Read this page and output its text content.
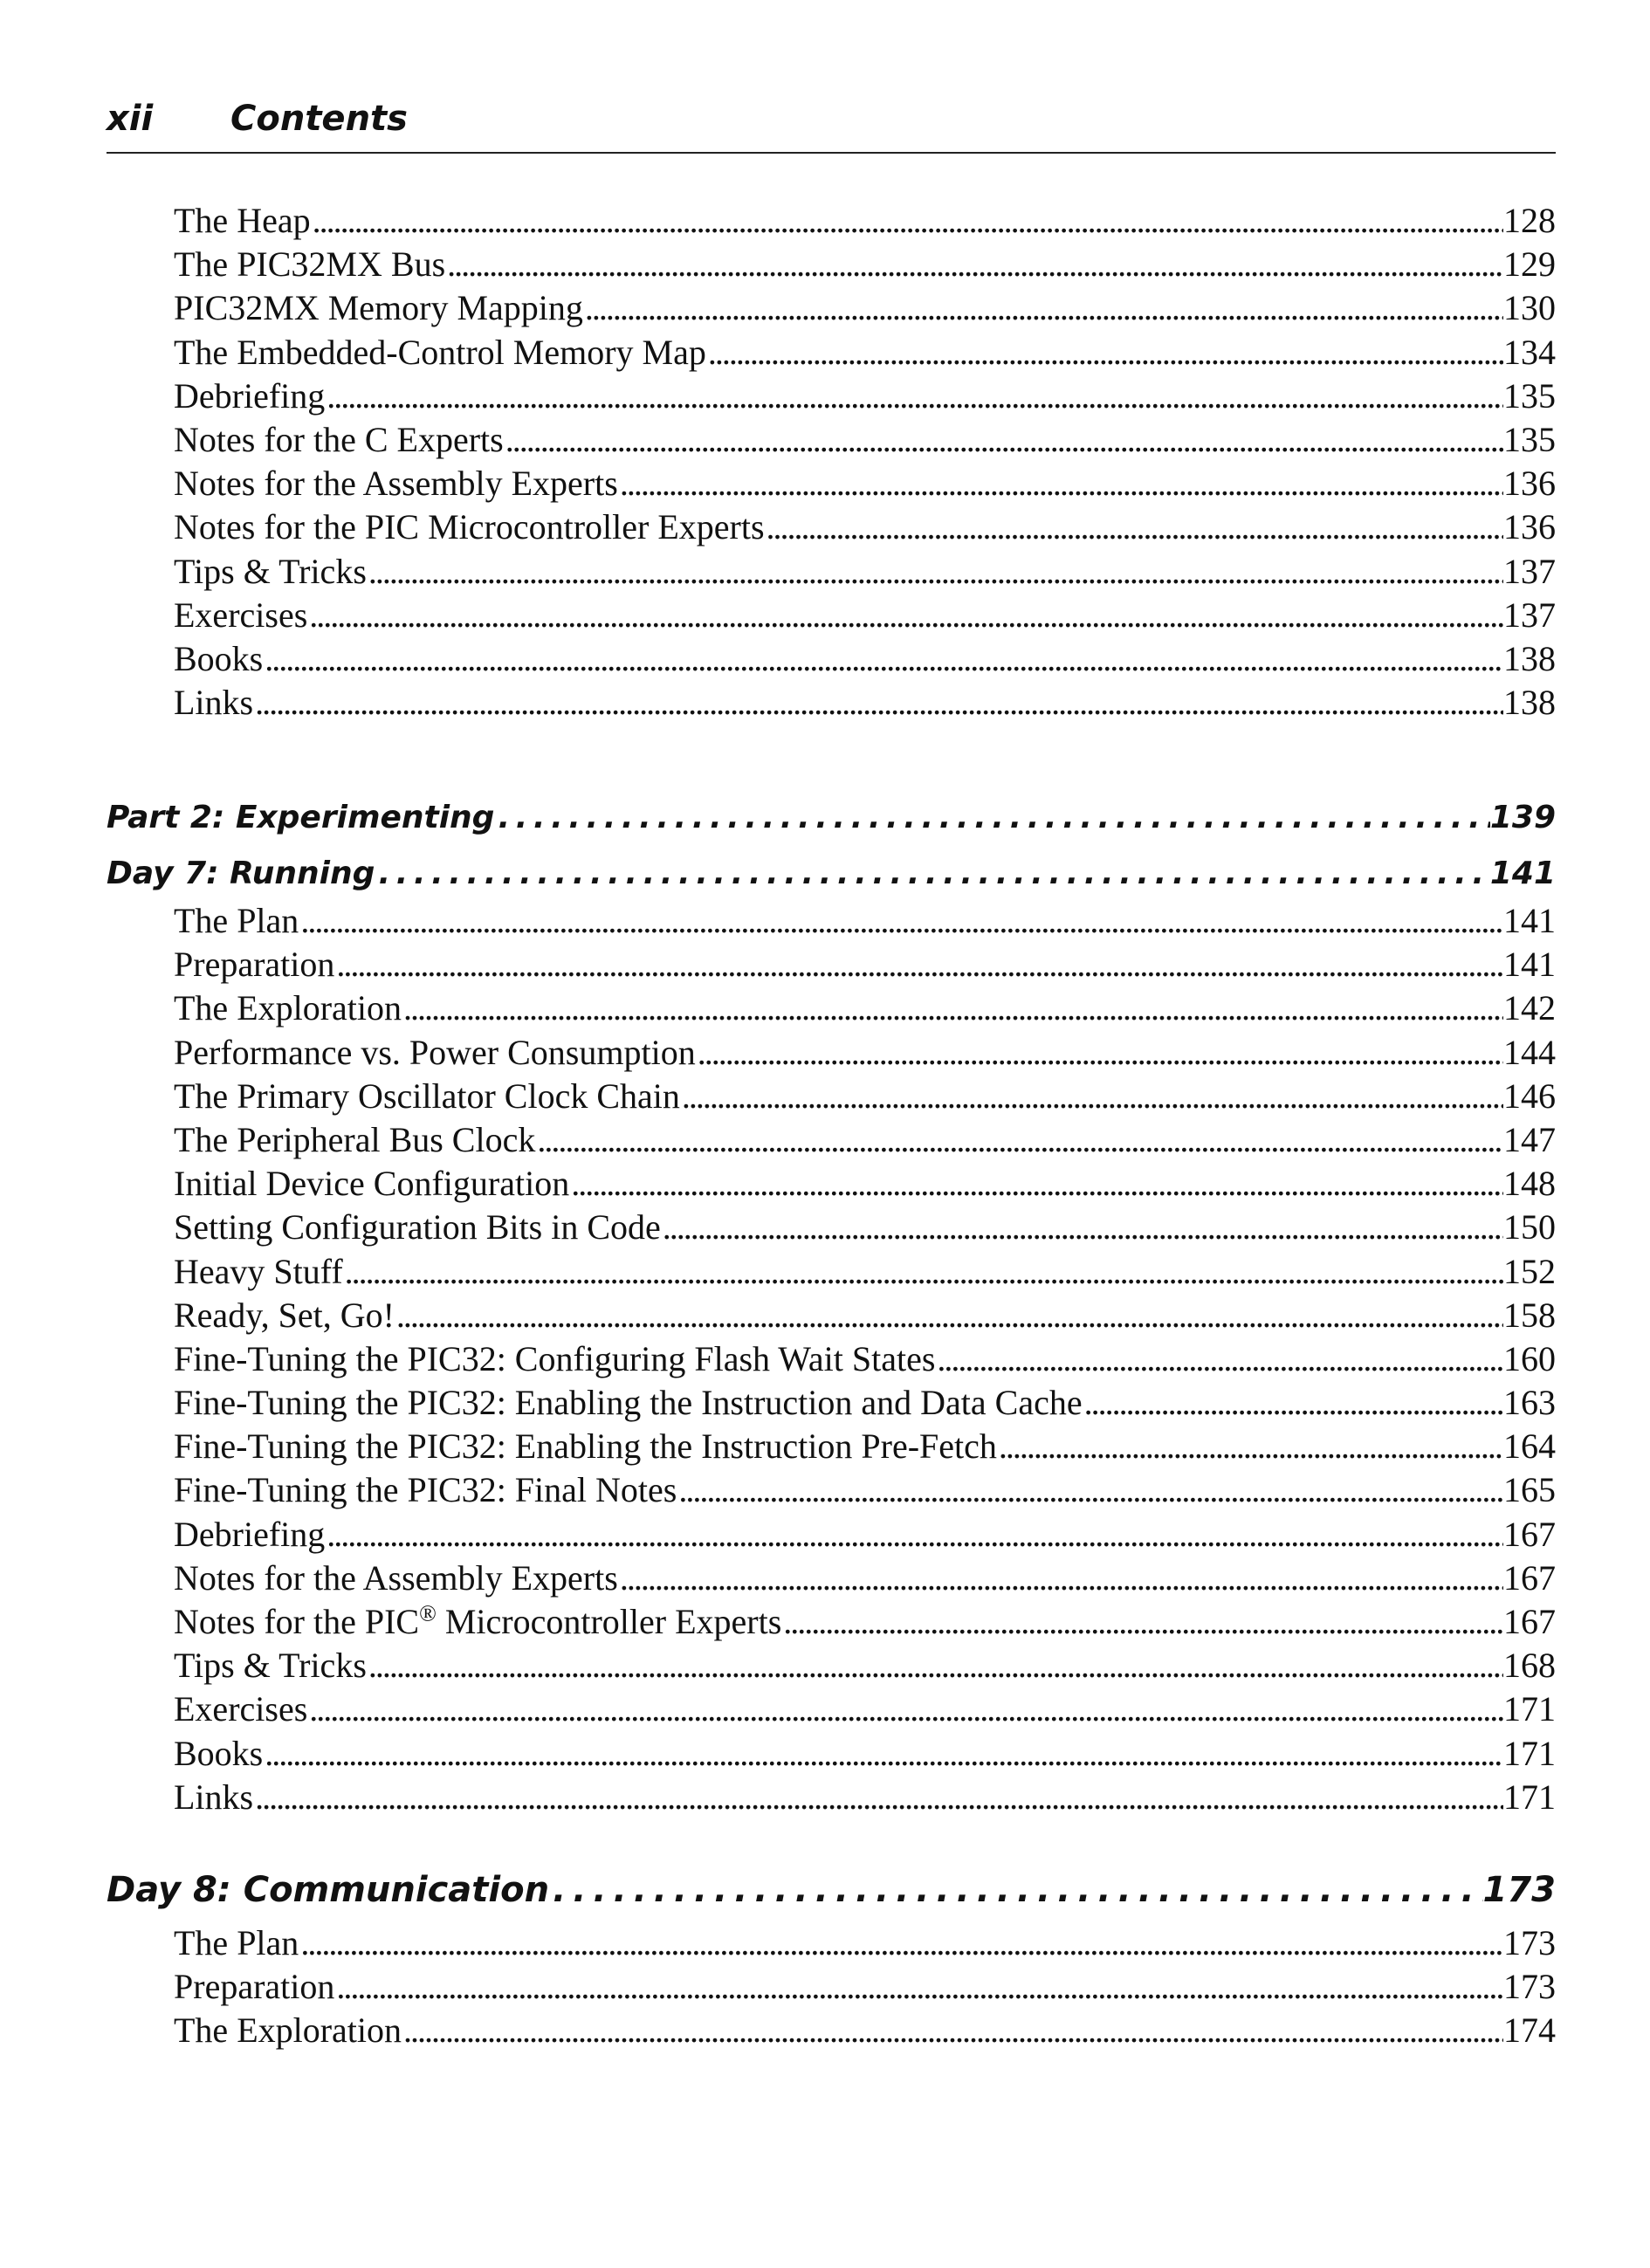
xii Contents
The Heap . . .	128
The PIC32MX Bus . . .	129
PIC32MX Memory Mapping . . .	130
The Embedded-Control Memory Map . . .	134
Debriefing . . .	135
Notes for the C Experts . . .	135
Notes for the Assembly Experts . . .	136
Notes for the PIC Microcontroller Experts . . .	136
Tips & Tricks . . .	137
Exercises . . .	137
Books . . .	138
Links . . .	138
Part 2: Experimenting . . .	139
Day 7: Running . . .	141
The Plan . . .	141
Preparation . . .	141
The Exploration . . .	142
Performance vs. Power Consumption . . .	144
The Primary Oscillator Clock Chain . . .	146
The Peripheral Bus Clock . . .	147
Initial Device Configuration . . .	148
Setting Configuration Bits in Code . . .	150
Heavy Stuff . . .	152
Ready, Set, Go! . . .	158
Fine-Tuning the PIC32: Configuring Flash Wait States . . .	160
Fine-Tuning the PIC32: Enabling the Instruction and Data Cache . . .	163
Fine-Tuning the PIC32: Enabling the Instruction Pre-Fetch . . .	164
Fine-Tuning the PIC32: Final Notes . . .	165
Debriefing . . .	167
Notes for the Assembly Experts . . .	167
Notes for the PIC® Microcontroller Experts . . .	167
Tips & Tricks . . .	168
Exercises . . .	171
Books . . .	171
Links . . .	171
Day 8: Communication . . .	173
The Plan . . .	173
Preparation . . .	173
The Exploration . . .	174
